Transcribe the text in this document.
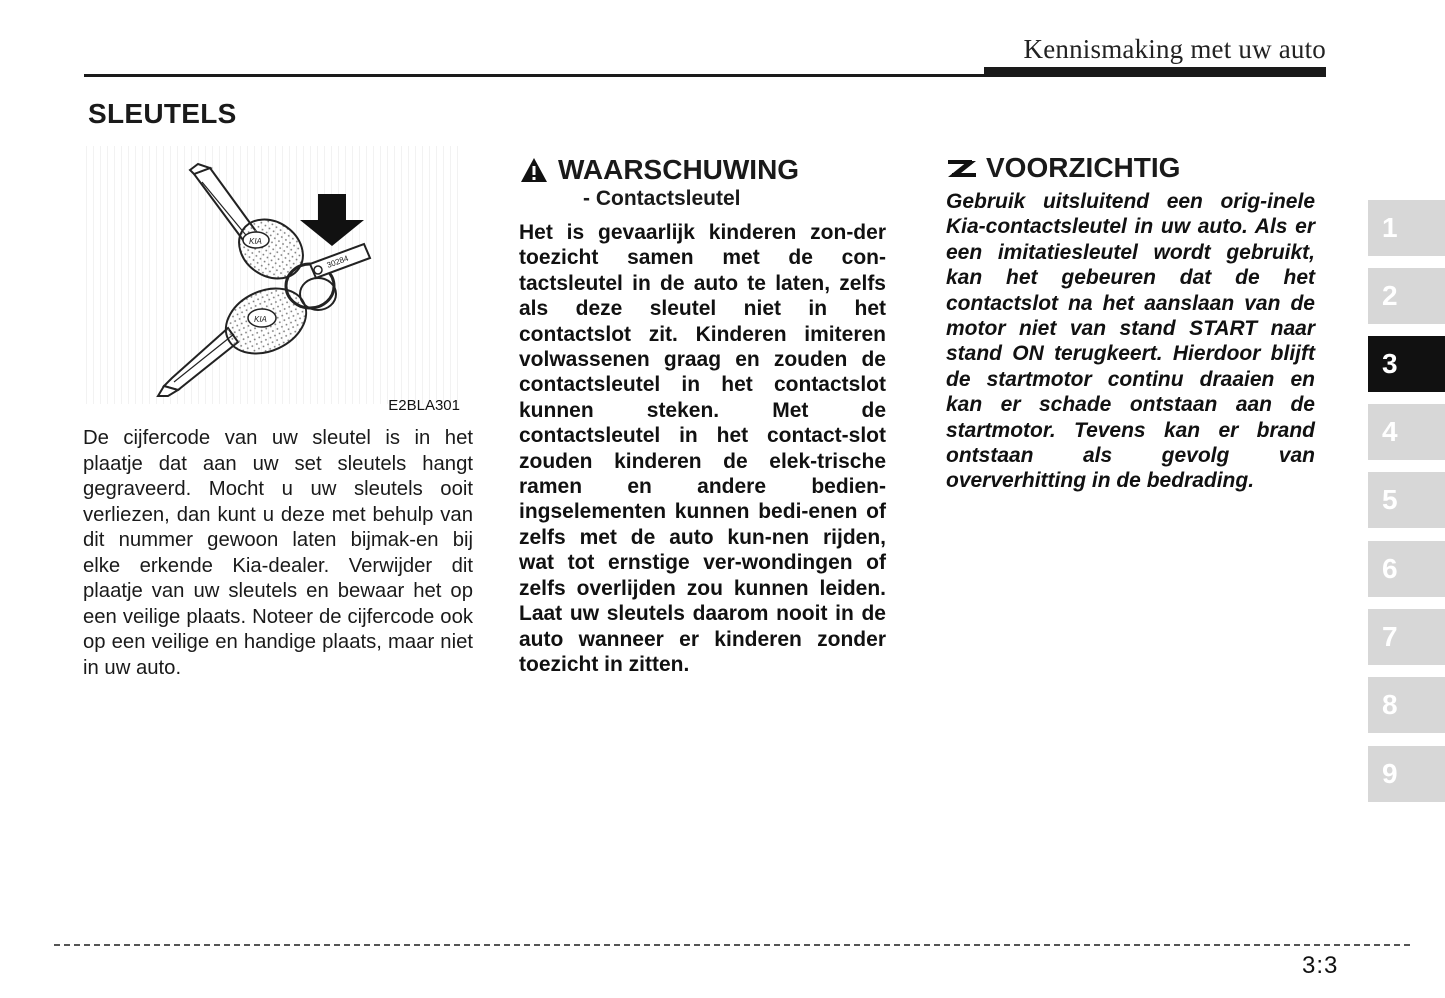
Kennismaking met uw auto
SLEUTELS
KIA
KIA
30284
E2BLA301
De cijfercode van uw sleutel is in het plaatje dat aan uw set sleutels hangt gegraveerd. Mocht u uw sleutels ooit verliezen, dan kunt u deze met behulp van dit nummer gewoon laten bijmak-en bij elke erkende Kia-dealer. Verwijder dit plaatje van uw sleutels en bewaar het op een veilige plaats. Noteer de cijfercode ook op een veilige en handige plaats, maar niet in uw auto.
WAARSCHUWING
- Contactsleutel
Het is gevaarlijk kinderen zon-der toezicht samen met de con-tactsleutel in de auto te laten, zelfs als deze sleutel niet in het contactslot zit. Kinderen imiteren volwassenen graag en zouden de contactsleutel in het contactslot kunnen steken. Met de contactsleutel in het contact-slot zouden kinderen de elek-trische ramen en andere bedien-ingselementen kunnen bedi-enen of zelfs met de auto kun-nen rijden, wat tot ernstige ver-wondingen of zelfs overlijden zou kunnen leiden. Laat uw sleutels daarom nooit in de auto wanneer er kinderen zonder toezicht in zitten.
VOORZICHTIG
Gebruik uitsluitend een orig-inele Kia-contactsleutel in uw auto. Als er een imitatiesleutel wordt gebruikt, kan het gebeuren dat de het contactslot na het aanslaan van de motor niet van stand START naar stand ON terugkeert. Hierdoor blijft de startmotor continu draaien en kan er schade ontstaan aan de startmotor. Tevens kan er brand ontstaan als gevolg van oververhitting in de bedrading.
1
2
3
4
5
6
7
8
9
3:3
